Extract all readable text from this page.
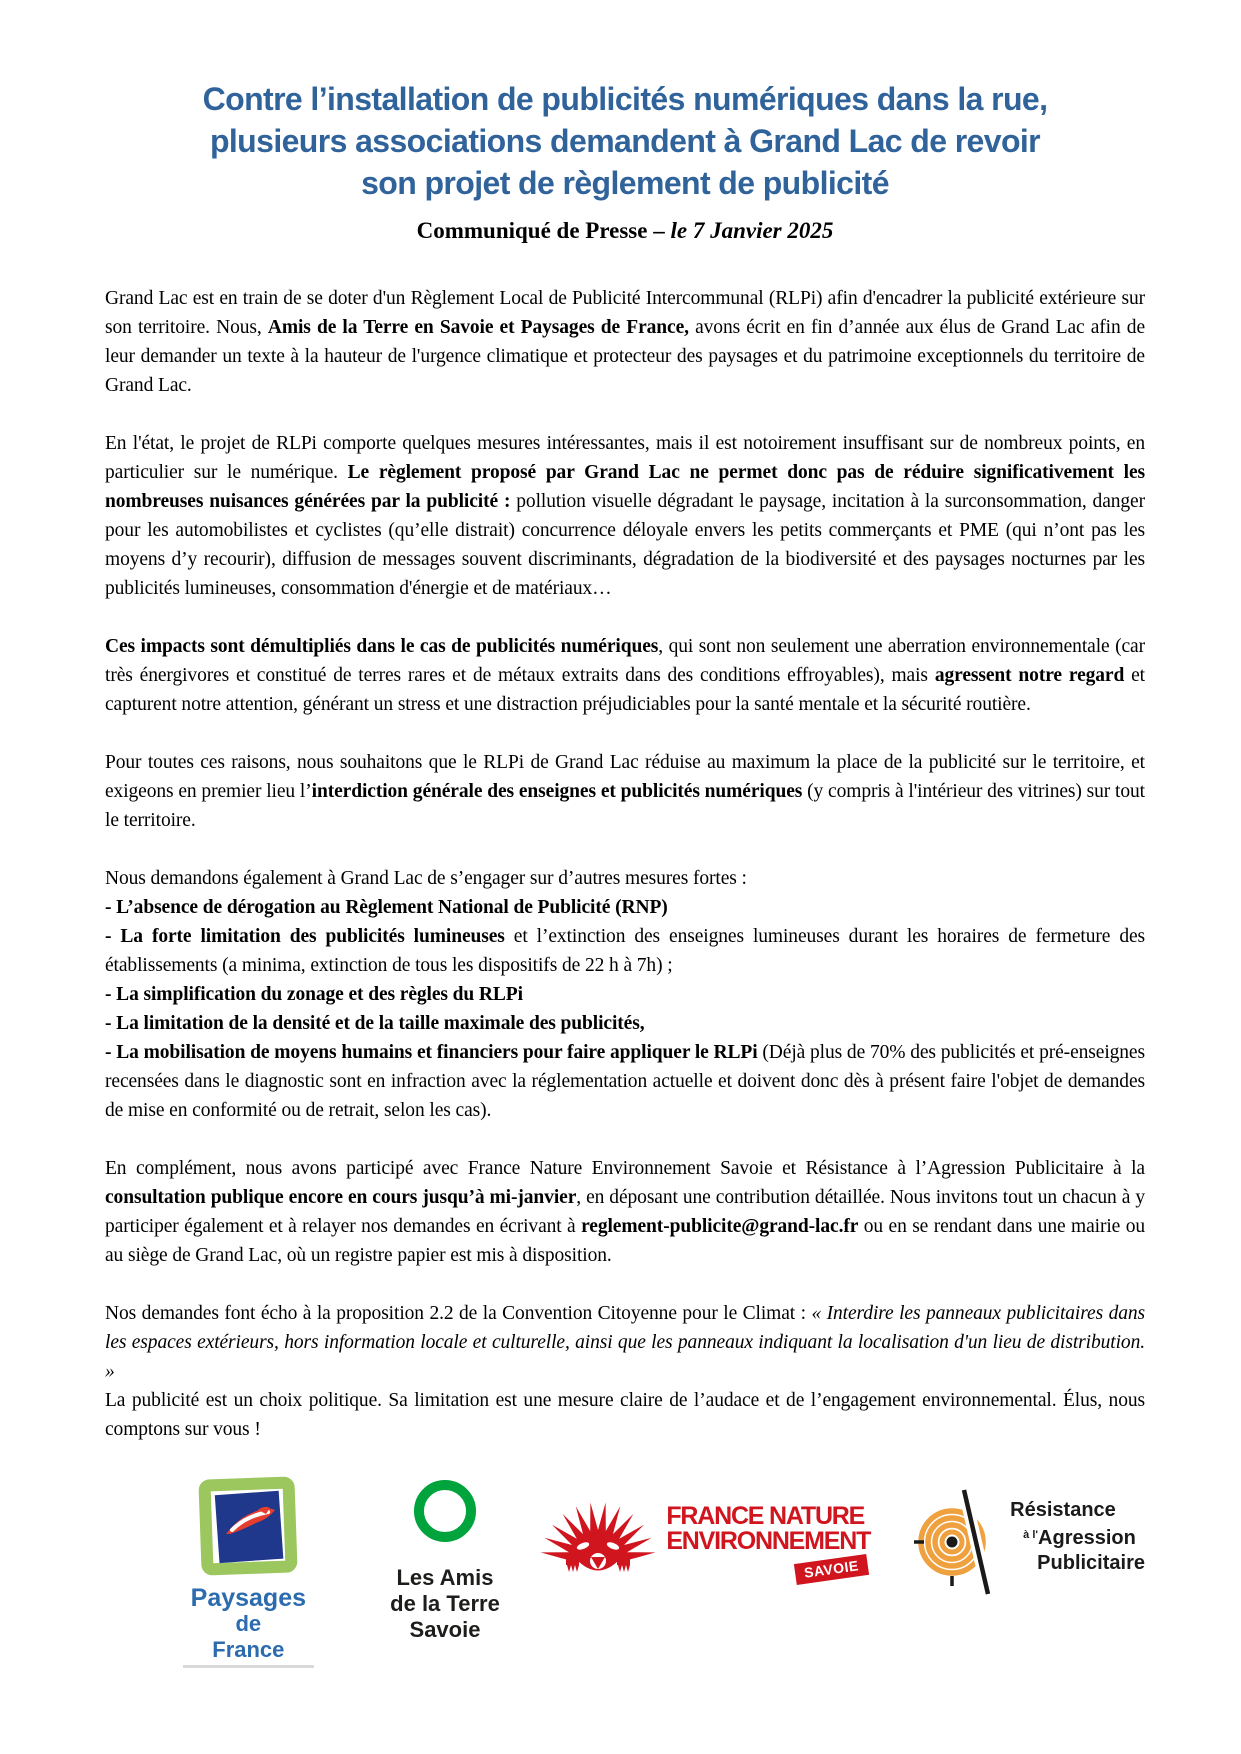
Contre l’installation de publicités numériques dans la rue,
plusieurs associations demandent à Grand Lac de revoir
son projet de règlement de publicité
Communiqué de Presse – le 7 Janvier 2025

Grand Lac est en train de se doter d'un Règlement Local de Publicité Intercommunal (RLPi) afin d'encadrer la publicité extérieure sur son territoire. Nous, Amis de la Terre en Savoie et Paysages de France, avons écrit en fin d’année aux élus de Grand Lac afin de leur demander un texte à la hauteur de l'urgence climatique et protecteur des paysages et du patrimoine exceptionnels du territoire de Grand Lac.

En l'état, le projet de RLPi comporte quelques mesures intéressantes, mais il est notoirement insuffisant sur de nombreux points, en particulier sur le numérique. Le règlement proposé par Grand Lac ne permet donc pas de réduire significativement les nombreuses nuisances générées par la publicité : pollution visuelle dégradant le paysage, incitation à la surconsommation, danger pour les automobilistes et cyclistes (qu’elle distrait) concurrence déloyale envers les petits commerçants et PME (qui n’ont pas les moyens d’y recourir), diffusion de messages souvent discriminants, dégradation de la biodiversité et des paysages nocturnes par les publicités lumineuses, consommation d'énergie et de matériaux…

Ces impacts sont démultipliés dans le cas de publicités numériques, qui sont non seulement une aberration environnementale (car très énergivores et constitué de terres rares et de métaux extraits dans des conditions effroyables), mais agressent notre regard et capturent notre attention, générant un stress et une distraction préjudiciables pour la santé mentale et la sécurité routière.

Pour toutes ces raisons, nous souhaitons que le RLPi de Grand Lac réduise au maximum la place de la publicité sur le territoire, et exigeons en premier lieu l’interdiction générale des enseignes et publicités numériques (y compris à l'intérieur des vitrines) sur tout le territoire.

Nous demandons également à Grand Lac de s’engager sur d’autres mesures fortes :

- L’absence de dérogation au Règlement National de Publicité (RNP)

- La forte limitation des publicités lumineuses et l’extinction des enseignes lumineuses durant les horaires de fermeture des établissements (a minima, extinction de tous les dispositifs de 22 h à 7h) ;

- La simplification du zonage et des règles du RLPi

- La limitation de la densité et de la taille maximale des publicités,

- La mobilisation de moyens humains et financiers pour faire appliquer le RLPi (Déjà plus de 70% des publicités et pré-enseignes recensées dans le diagnostic sont en infraction avec la réglementation actuelle et doivent donc dès à présent faire l'objet de demandes de mise en conformité ou de retrait, selon les cas).

En complément, nous avons participé avec France Nature Environnement Savoie et Résistance à l’Agression Publicitaire à la consultation publique encore en cours jusqu’à mi-janvier, en déposant une contribution détaillée. Nous invitons tout un chacun à y participer également et à relayer nos demandes en écrivant à reglement-publicite@grand-lac.fr ou en se rendant dans une mairie ou au siège de Grand Lac, où un registre papier est mis à disposition.

Nos demandes font écho à la proposition 2.2 de la Convention Citoyenne pour le Climat : « Interdire les panneaux publicitaires dans les espaces extérieurs, hors information locale et culturelle, ainsi que les panneaux indiquant la localisation d'un lieu de distribution. »

La publicité est un choix politique. Sa limitation est une mesure claire de l’audace et de l’engagement environnemental. Élus, nous comptons sur vous !

Paysages
de France
Les Amis
de la Terre
Savoie
FRANCE NATURE
ENVIRONNEMENT
SAVOIE
Résistance
$^{à l'}$Agression
Publicitaire
